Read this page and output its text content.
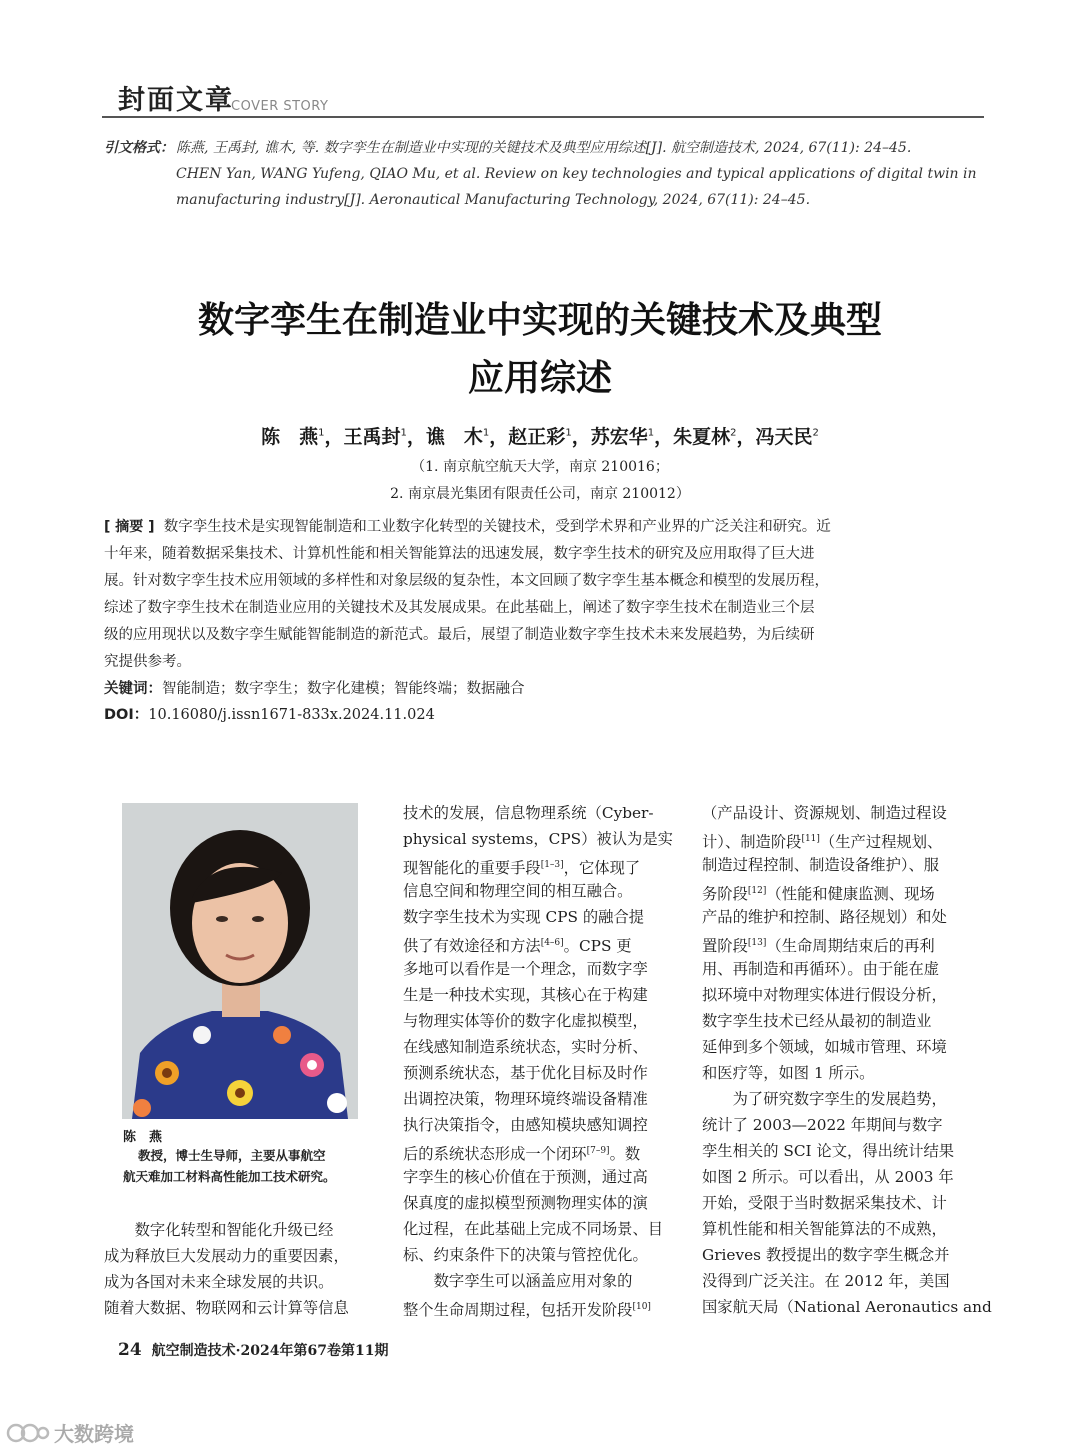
封面文章
COVER STORY
引文格式： 陈燕, 王禹封, 谯木, 等. 数字孪生在制造业中实现的关键技术及典型应用综述[J]. 航空制造技术, 2024, 67(11): 24–45.
CHEN Yan, WANG Yufeng, QIAO Mu, et al. Review on key technologies and typical applications of digital twin in
manufacturing industry[J]. Aeronautical Manufacturing Technology, 2024, 67(11): 24–45.
数字孪生在制造业中实现的关键技术及典型
应用综述
陈　燕$^1$，王禹封$^1$，谯　木$^1$，赵正彩$^1$，苏宏华$^1$，朱夏林$^2$，冯天民$^2$
（1. 南京航空航天大学，南京 210016；
2. 南京晨光集团有限责任公司，南京 210012）
[ 摘要 ] 数字孪生技术是实现智能制造和工业数字化转型的关键技术，受到学术界和产业界的广泛关注和研究。近
十年来，随着数据采集技术、计算机性能和相关智能算法的迅速发展，数字孪生技术的研究及应用取得了巨大进
展。针对数字孪生技术应用领域的多样性和对象层级的复杂性，本文回顾了数字孪生基本概念和模型的发展历程，
综述了数字孪生技术在制造业应用的关键技术及其发展成果。在此基础上，阐述了数字孪生技术在制造业三个层
级的应用现状以及数字孪生赋能智能制造的新范式。最后，展望了制造业数字孪生技术未来发展趋势，为后续研
究提供参考。
关键词：智能制造；数字孪生；数字化建模；智能终端；数据融合
DOI：10.16080/j.issn1671-833x.2024.11.024
陈　燕
教授，博士生导师，主要从事航空
航天难加工材料高性能加工技术研究。
　　数字化转型和智能化升级已经
成为释放巨大发展动力的重要因素，
成为各国对未来全球发展的共识。
随着大数据、物联网和云计算等信息
技术的发展，信息物理系统（Cyber-
physical systems，CPS）被认为是实
现智能化的重要手段[1–3]，它体现了
信息空间和物理空间的相互融合。
数字孪生技术为实现 CPS 的融合提
供了有效途径和方法[4–6]。CPS 更
多地可以看作是一个理念，而数字孪
生是一种技术实现，其核心在于构建
与物理实体等价的数字化虚拟模型，
在线感知制造系统状态，实时分析、
预测系统状态，基于优化目标及时作
出调控决策，物理环境终端设备精准
执行决策指令，由感知模块感知调控
后的系统状态形成一个闭环[7–9]。数
字孪生的核心价值在于预测，通过高
保真度的虚拟模型预测物理实体的演
化过程，在此基础上完成不同场景、目
标、约束条件下的决策与管控优化。
　　数字孪生可以涵盖应用对象的
整个生命周期过程，包括开发阶段[10]
（产品设计、资源规划、制造过程设
计）、制造阶段[11]（生产过程规划、
制造过程控制、制造设备维护）、服
务阶段[12]（性能和健康监测、现场
产品的维护和控制、路径规划）和处
置阶段[13]（生命周期结束后的再利
用、再制造和再循环）。由于能在虚
拟环境中对物理实体进行假设分析，
数字孪生技术已经从最初的制造业
延伸到多个领域，如城市管理、环境
和医疗等，如图 1 所示。
　　为了研究数字孪生的发展趋势，
统计了 2003—2022 年期间与数字
孪生相关的 SCI 论文，得出统计结果
如图 2 所示。可以看出，从 2003 年
开始，受限于当时数据采集技术、计
算机性能和相关智能算法的不成熟，
Grieves 教授提出的数字孪生概念并
没得到广泛关注。在 2012 年，美国
国家航天局（National Aeronautics and
24 航空制造技术·2024年第67卷第11期
大数跨境
